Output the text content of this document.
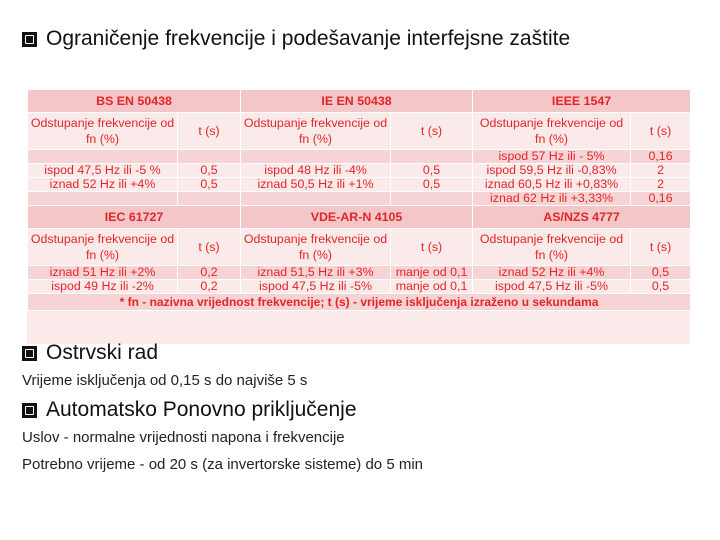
Ograničenje frekvencije i podešavanje interfejsne zaštite
BS EN 50438		IE EN 50438		IEEE 1547	
Odstupanje frekvencije od fn (%)	t (s)	Odstupanje frekvencije od fn (%)	t (s)	Odstupanje frekvencije od fn (%)	t (s)
				ispod 57 Hz ili - 5%	0,16
ispod 47,5 Hz ili -5 %	0,5	ispod 48 Hz ili -4%	0,5	ispod 59,5 Hz ili -0,83%	2
iznad 52 Hz ili +4%	0,5	iznad 50,5 Hz ili +1%	0,5	iznad 60,5 Hz ili +0,83%	2
				iznad 62 Hz ili +3,33%	0,16
IEC 61727		VDE-AR-N 4105		AS/NZS 4777	
Odstupanje frekvencije od fn (%)	t (s)	Odstupanje frekvencije od fn (%)	t (s)	Odstupanje frekvencije od fn (%)	t (s)
iznad 51 Hz ili +2%	0,2	iznad 51,5 Hz ili +3%	manje od 0,1	iznad 52 Hz ili +4%	0,5
ispod 49 Hz ili -2%	0,2	ispod 47,5 Hz ili -5%	manje od 0,1	ispod 47,5 Hz ili -5%	0,5
* fn - nazivna vrijednost frekvencije; t (s) - vrijeme isključenja izraženo u sekundama					
Ostrvski rad
Vrijeme isključenja od 0,15 s do najviše 5 s
Automatsko Ponovno priključenje
Uslov - normalne vrijednosti napona i frekvencije
Potrebno vrijeme - od 20 s (za invertorske sisteme) do 5 min
